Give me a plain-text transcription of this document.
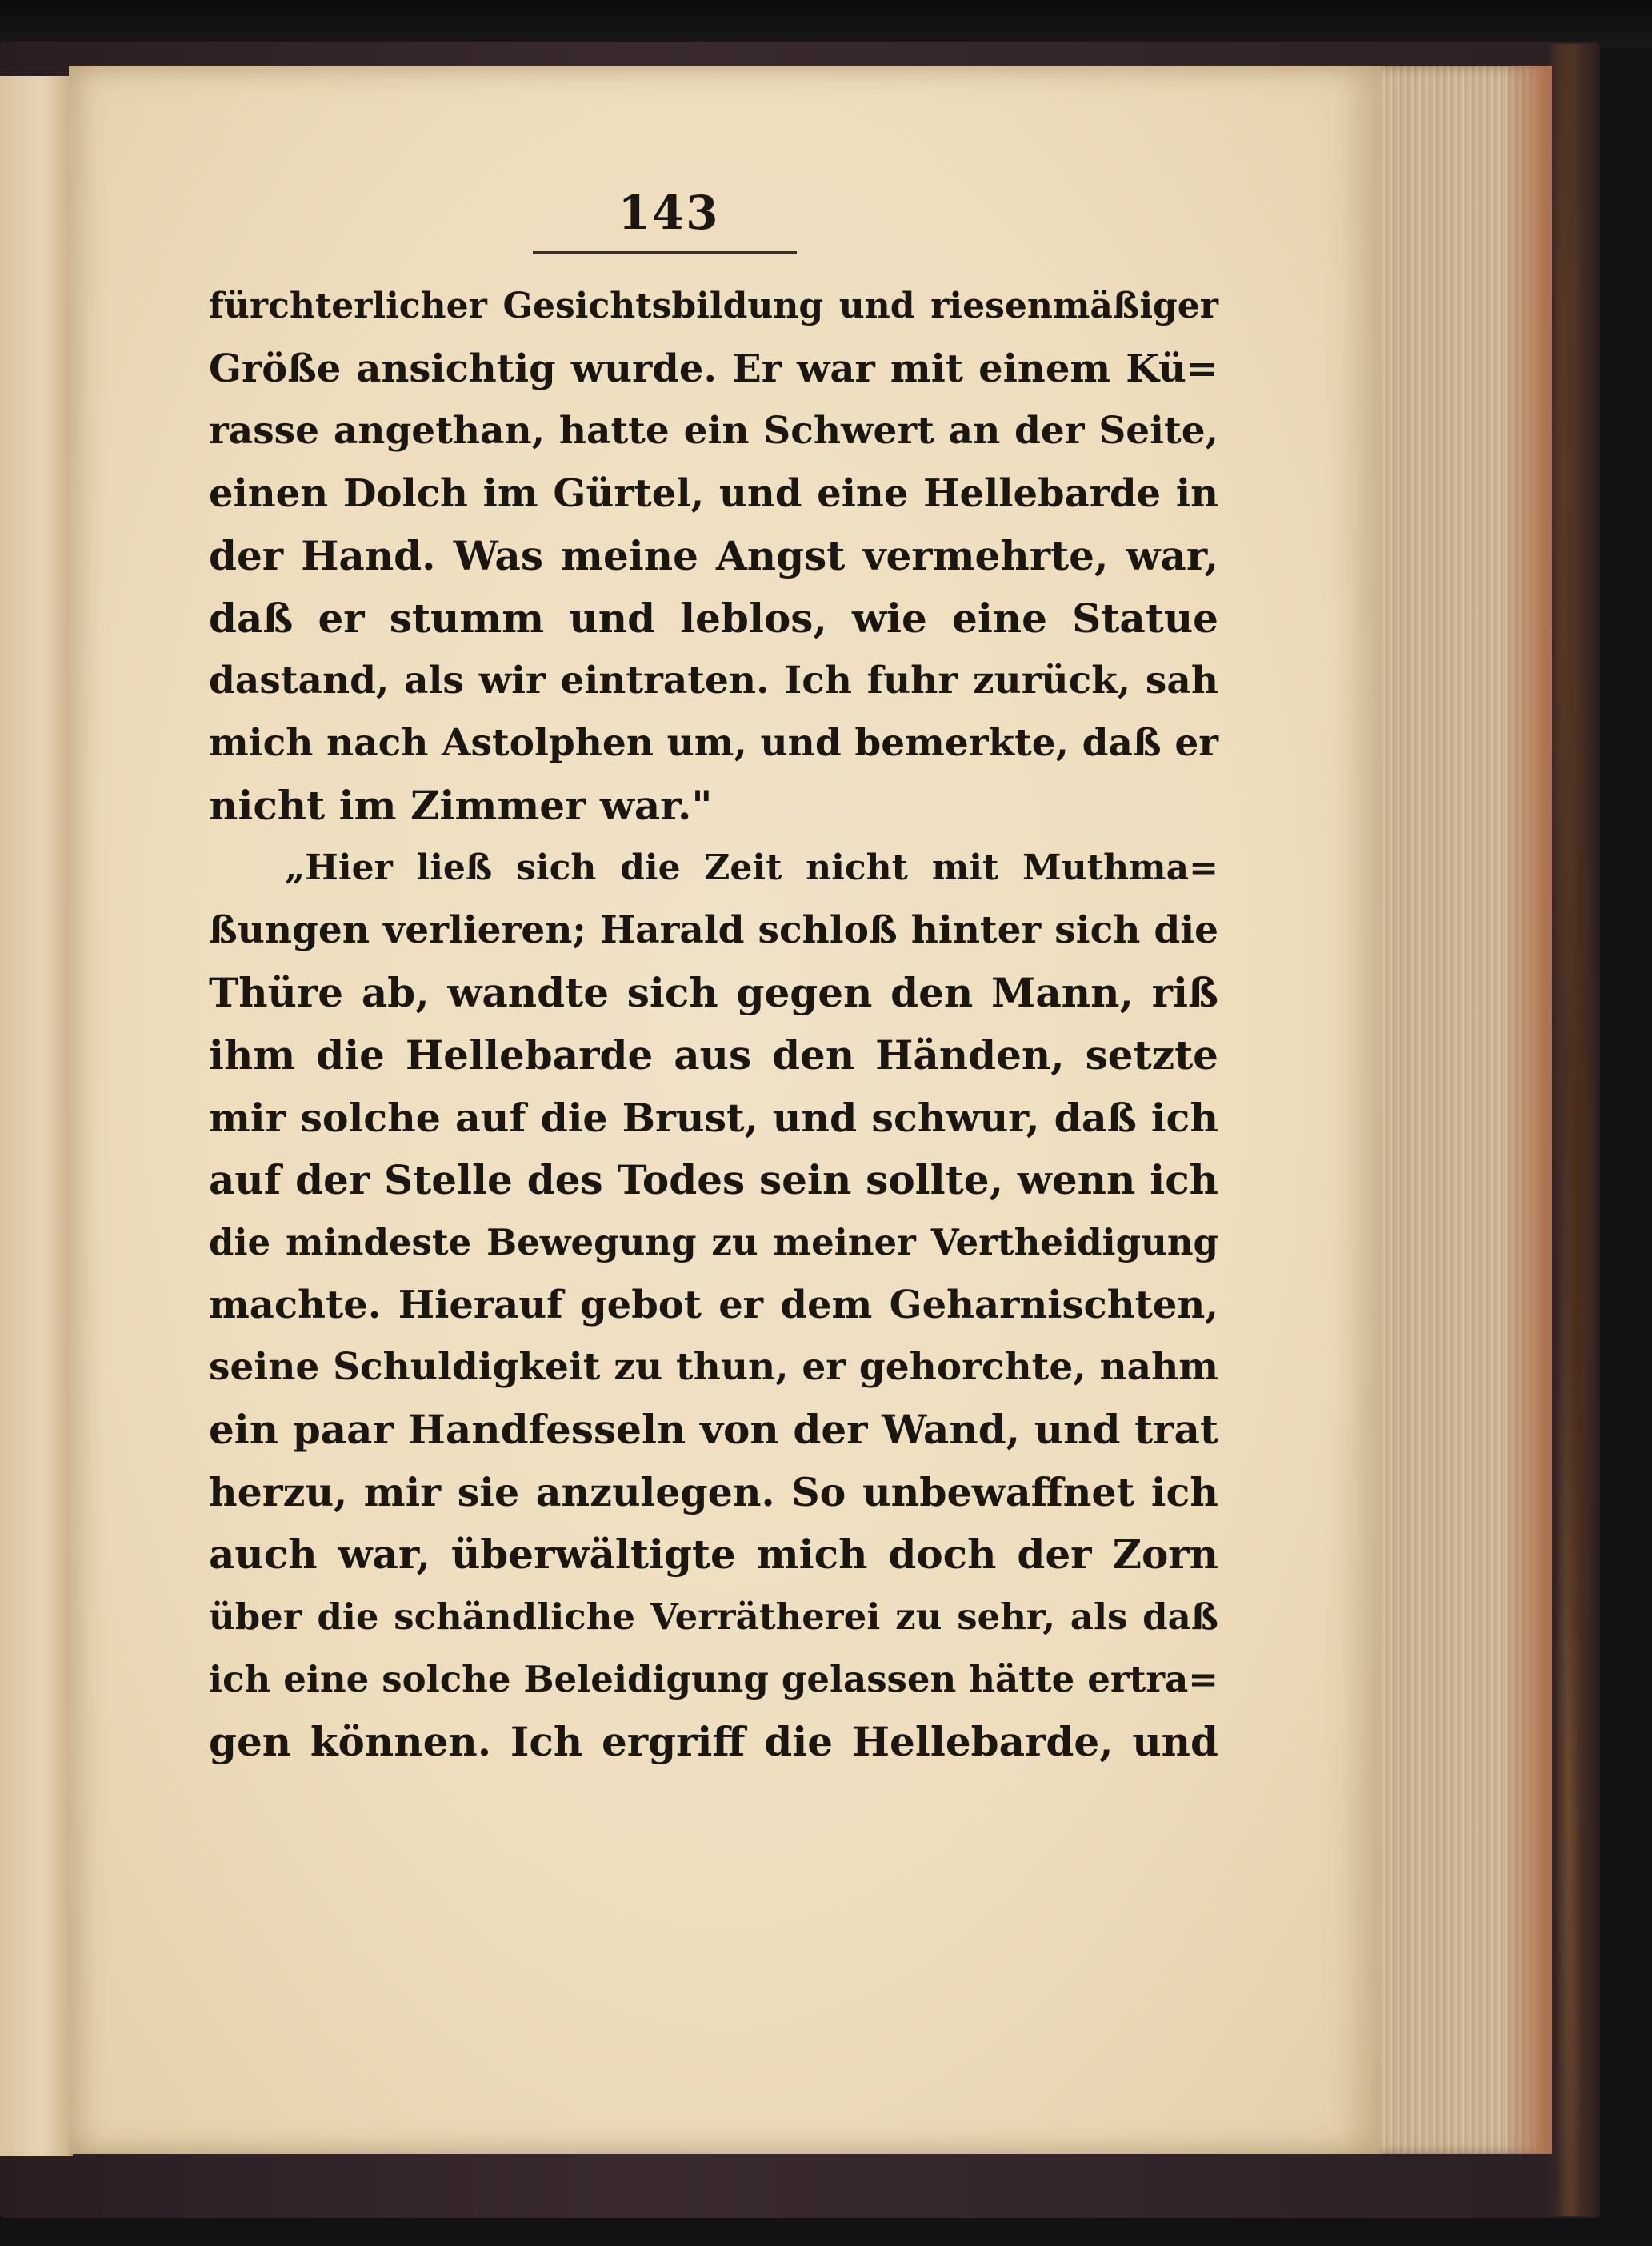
143
fürchterlicher Gesichtsbildung und riesenmäßiger
Größe ansichtig wurde. Er war mit einem Kü=
rasse angethan, hatte ein Schwert an der Seite,
einen Dolch im Gürtel, und eine Hellebarde in
der Hand. Was meine Angst vermehrte, war,
daß er stumm und leblos, wie eine Statue
dastand, als wir eintraten. Ich fuhr zurück, sah
mich nach Astolphen um, und bemerkte, daß er
nicht im Zimmer war."
„Hier ließ sich die Zeit nicht mit Muthma=
ßungen verlieren; Harald schloß hinter sich die
Thüre ab, wandte sich gegen den Mann, riß
ihm die Hellebarde aus den Händen, setzte
mir solche auf die Brust, und schwur, daß ich
auf der Stelle des Todes sein sollte, wenn ich
die mindeste Bewegung zu meiner Vertheidigung
machte. Hierauf gebot er dem Geharnischten,
seine Schuldigkeit zu thun, er gehorchte, nahm
ein paar Handfesseln von der Wand, und trat
herzu, mir sie anzulegen. So unbewaffnet ich
auch war, überwältigte mich doch der Zorn
über die schändliche Verrätherei zu sehr, als daß
ich eine solche Beleidigung gelassen hätte ertra=
gen können. Ich ergriff die Hellebarde, und
